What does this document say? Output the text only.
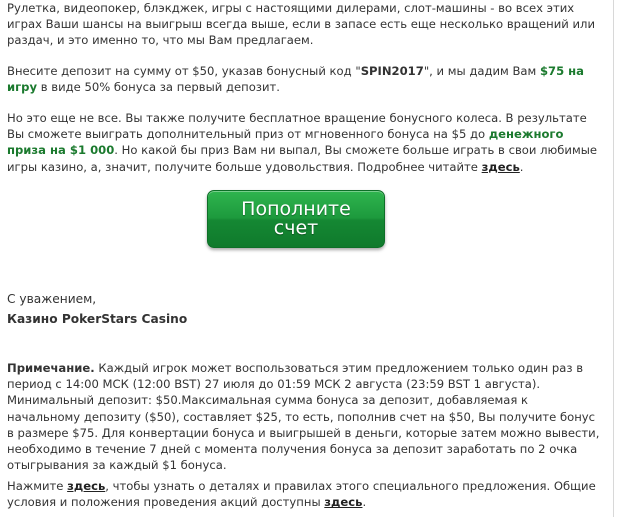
Рулетка, видеопокер, блэкджек, игры с настоящими дилерами, слот-машины - во всех этих играх Ваши шансы на выигрыш всегда выше, если в запасе есть еще несколько вращений или раздач, и это именно то, что мы Вам предлагаем.

Внесите депозит на сумму от $50, указав бонусный код "SPIN2017", и мы дадим Вам $75 на игру в виде 50% бонуса за первый депозит.

Но это еще не все. Вы также получите бесплатное вращение бонусного колеса. В результате Вы сможете выиграть дополнительный приз от мгновенного бонуса на $5 до денежного приза на $1 000. Но какой бы приз Вам ни выпал, Вы сможете больше играть в свои любимые игры казино, а, значит, получите больше удовольствия. Подробнее читайте здесь.

Пополните
счет
С уважением,
Казино PokerStars Casino

Примечание. Каждый игрок может воспользоваться этим предложением только один раз в период с 14:00 МСК (12:00 BST) 27 июля до 01:59 МСК 2 августа (23:59 BST 1 августа). Минимальный депозит: $50.Максимальная сумма бонуса за депозит, добавляемая к начальному депозиту ($50), составляет $25, то есть, пополнив счет на $50, Вы получите бонус в размере $75. Для конвертации бонуса и выигрышей в деньги, которые затем можно вывести, необходимо в течение 7 дней с момента получения бонуса за депозит заработать по 2 очка отыгрывания за каждый $1 бонуса.

Нажмите здесь, чтобы узнать о деталях и правилах этого специального предложения. Общие условия и положения проведения акций доступны здесь.
